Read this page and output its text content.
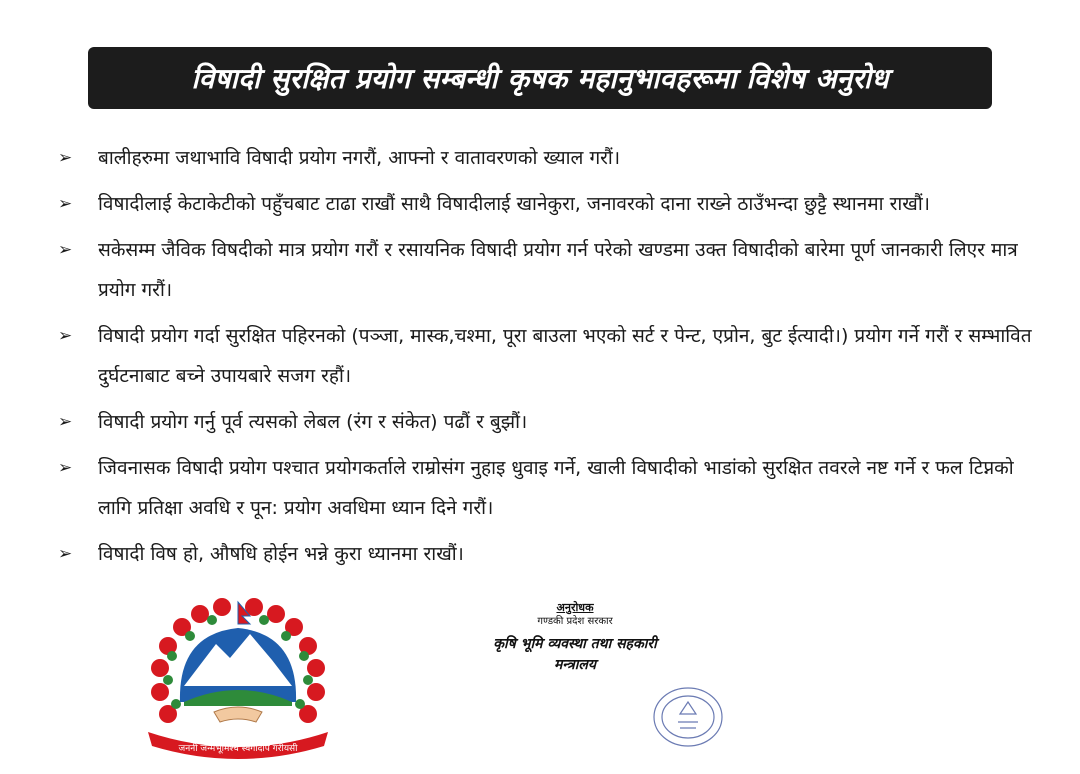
विषादी सुरक्षित प्रयोग सम्बन्धी कृषक महानुभावहरूमा विशेष अनुरोध
➢	बालीहरुमा जथाभावि विषादी प्रयोग नगरौं, आफ्नो र वातावरणको ख्याल गरौं।
➢	विषादीलाई केटाकेटीको पहुँचबाट टाढा राखौं साथै विषादीलाई खानेकुरा, जनावरको दाना राख्ने ठाउँभन्दा छुट्टै स्थानमा राखौं।
➢	सकेसम्म जैविक विषदीको मात्र प्रयोग गरौं र रसायनिक विषादी प्रयोग गर्न परेको खण्डमा उक्त विषादीको बारेमा पूर्ण जानकारी लिएर मात्र प्रयोग गरौं।
➢	विषादी प्रयोग गर्दा सुरक्षित पहिरनको (पञ्जा, मास्क,चश्मा, पूरा बाउला भएको सर्ट र पेन्ट, एप्रोन, बुट ईत्यादी।) प्रयोग गर्ने गरौं र सम्भावित दुर्घटनाबाट बच्ने उपायबारे सजग रहौं।
➢	विषादी प्रयोग गर्नु पूर्व त्यसको लेबल (रंग र संकेत) पढौं र बुझौं।
➢	जिवनासक विषादी प्रयोग पश्चात प्रयोगकर्ताले राम्रोसंग नुहाइ धुवाइ गर्ने, खाली विषादीको भाडांको सुरक्षित तवरले नष्ट गर्ने र फल टिप्नको लागि प्रतिक्षा अवधि र पून: प्रयोग अवधिमा ध्यान दिने गरौं।
➢	विषादी विष हो, औषधि होईन भन्ने कुरा ध्यानमा राखौं।
जननी जन्मभूमिश्च स्वर्गादपि गरीयसी
अनुरोधक
गण्डकी प्रदेश सरकार
कृषि भूमि व्यवस्था तथा सहकारी
मन्त्रालय
